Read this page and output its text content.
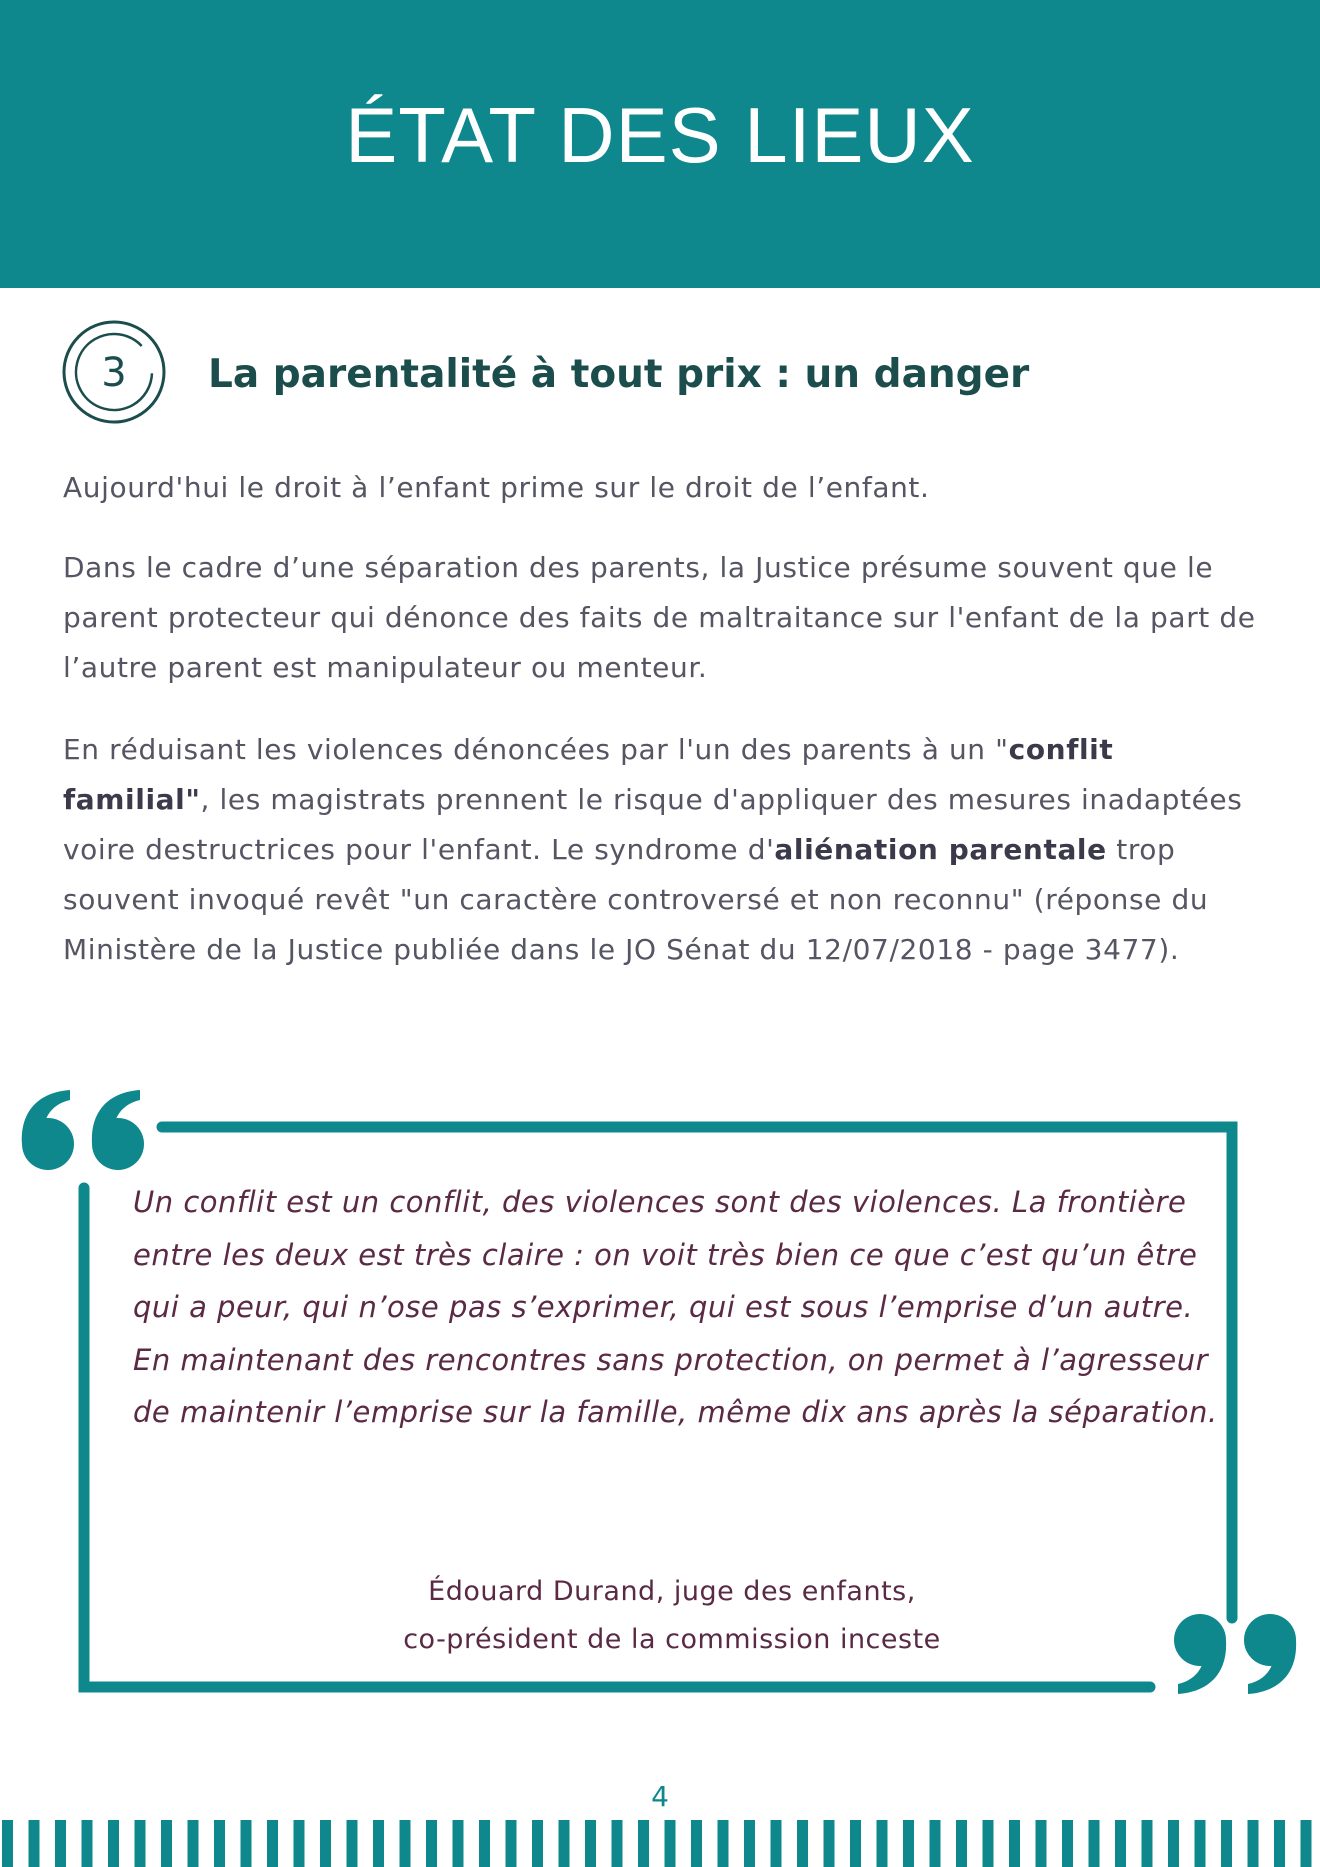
ÉTAT DES LIEUX
3 La parentalité à tout prix : un danger

Aujourd'hui le droit à l’enfant prime sur le droit de l’enfant.

Dans le cadre d’une séparation des parents, la Justice présume souvent que le parent protecteur qui dénonce des faits de maltraitance sur l'enfant de la part de l’autre parent est manipulateur ou menteur.

En réduisant les violences dénoncées par l'un des parents à un "conflit familial", les magistrats prennent le risque d'appliquer des mesures inadaptées voire destructrices pour l'enfant. Le syndrome d'aliénation parentale trop souvent invoqué revêt "un caractère controversé et non reconnu" (réponse du Ministère de la Justice publiée dans le JO Sénat du 12/07/2018 - page 3477).

Un conflit est un conflit, des violences sont des violences. La frontière entre les deux est très claire : on voit très bien ce que c’est qu’un être qui a peur, qui n’ose pas s’exprimer, qui est sous l’emprise d’un autre.
En maintenant des rencontres sans protection, on permet à l’agresseur de maintenir l’emprise sur la famille, même dix ans après la séparation.
Édouard Durand, juge des enfants,
co-président de la commission inceste
4
